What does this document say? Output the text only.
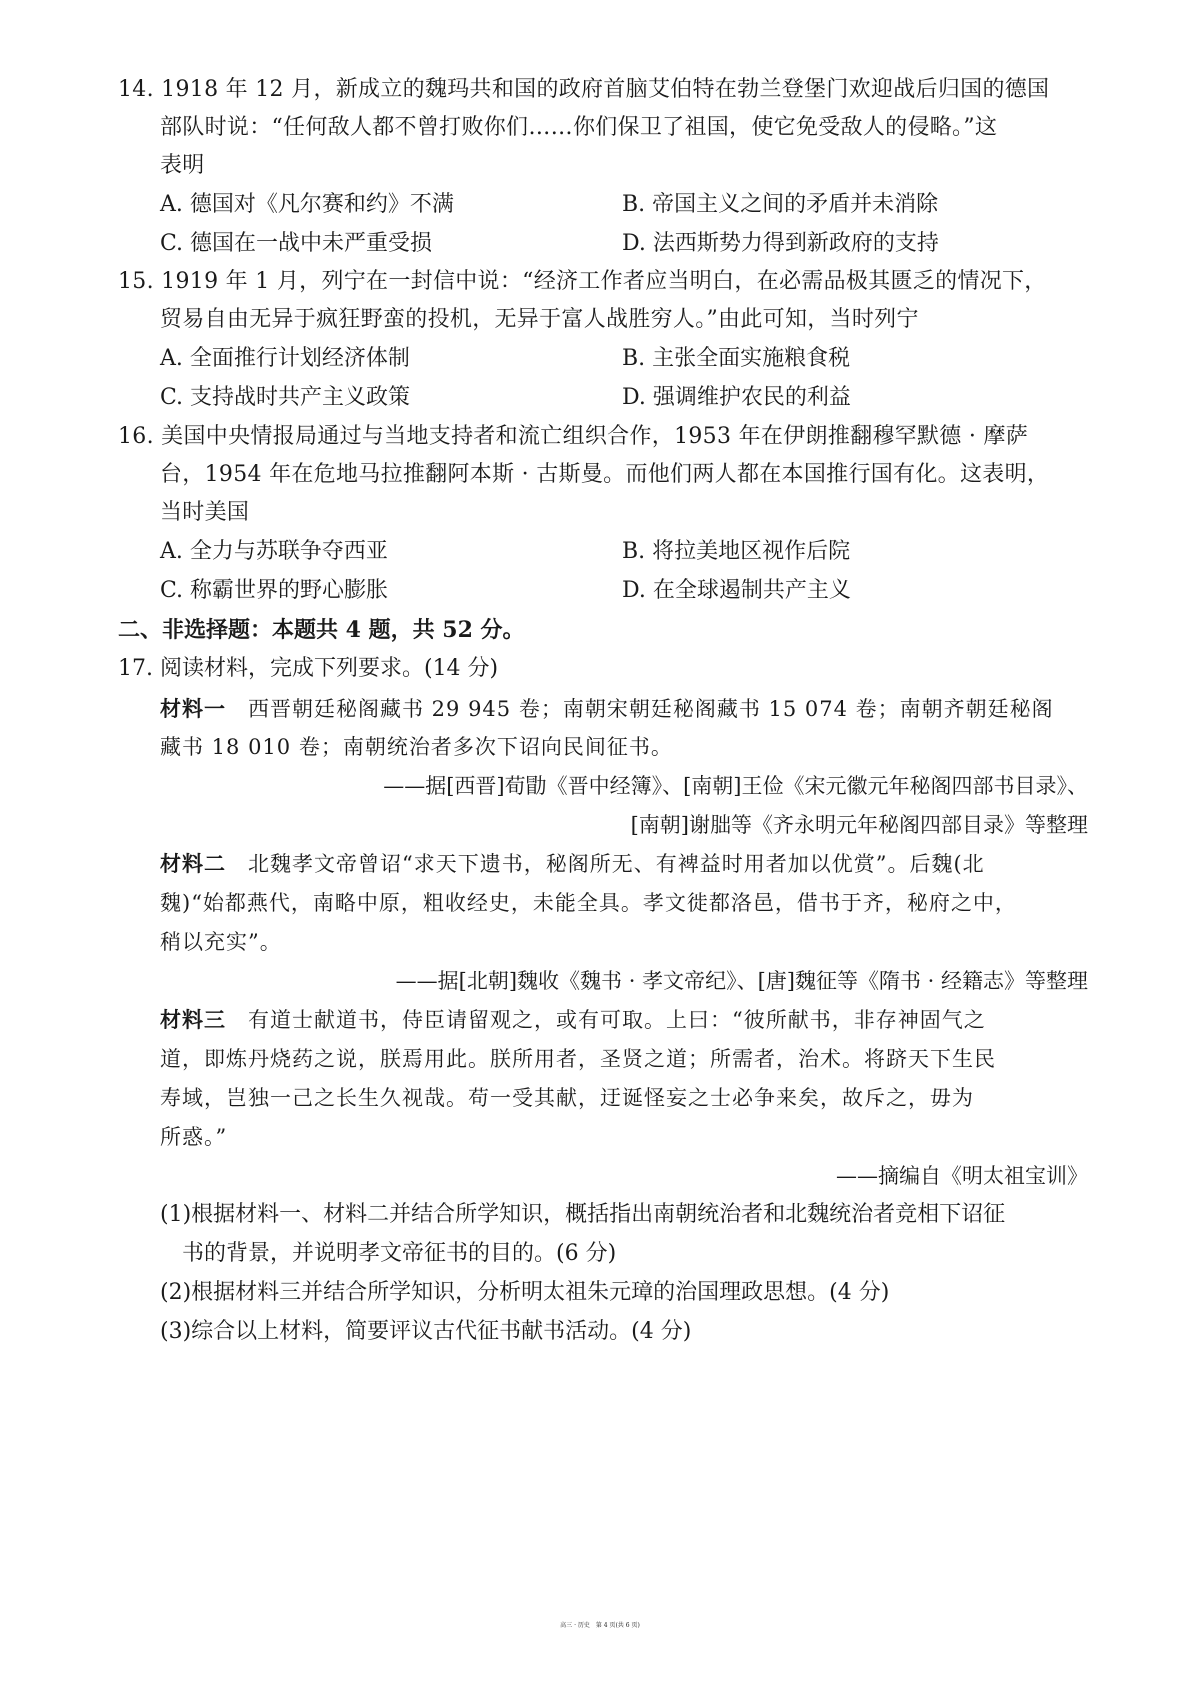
14. 1918 年 12 月，新成立的魏玛共和国的政府首脑艾伯特在勃兰登堡门欢迎战后归国的德国
部队时说：“任何敌人都不曾打败你们……你们保卫了祖国，使它免受敌人的侵略。”这
表明
A. 德国对《凡尔赛和约》不满	B. 帝国主义之间的矛盾并未消除
C. 德国在一战中未严重受损	D. 法西斯势力得到新政府的支持
15. 1919 年 1 月，列宁在一封信中说：“经济工作者应当明白，在必需品极其匮乏的情况下，
贸易自由无异于疯狂野蛮的投机，无异于富人战胜穷人。”由此可知，当时列宁
A. 全面推行计划经济体制	B. 主张全面实施粮食税
C. 支持战时共产主义政策	D. 强调维护农民的利益
16. 美国中央情报局通过与当地支持者和流亡组织合作，1953 年在伊朗推翻穆罕默德 · 摩萨
台，1954 年在危地马拉推翻阿本斯 · 古斯曼。而他们两人都在本国推行国有化。这表明，
当时美国
A. 全力与苏联争夺西亚	B. 将拉美地区视作后院
C. 称霸世界的野心膨胀	D. 在全球遏制共产主义
二、非选择题：本题共 4 题，共 52 分。
17. 阅读材料，完成下列要求。(14 分)
材料一　 西晋朝廷秘阁藏书 29 945 卷；南朝宋朝廷秘阁藏书 15 074 卷；南朝齐朝廷秘阁
藏书 18 010 卷；南朝统治者多次下诏向民间征书。
——据[西晋]荀勖《晋中经簿》、[南朝]王俭《宋元徽元年秘阁四部书目录》、
[南朝]谢朏等《齐永明元年秘阁四部目录》等整理
材料二　 北魏孝文帝曾诏“求天下遗书，秘阁所无、有裨益时用者加以优赏”。后魏(北
魏)“始都燕代，南略中原，粗收经史，未能全具。孝文徙都洛邑，借书于齐，秘府之中，
稍以充实”。
——据[北朝]魏收《魏书 · 孝文帝纪》、[唐]魏征等《隋书 · 经籍志》等整理
材料三　 有道士献道书，侍臣请留观之，或有可取。上曰：“彼所献书，非存神固气之
道，即炼丹烧药之说，朕焉用此。朕所用者，圣贤之道；所需者，治术。将跻天下生民
寿域，岂独一己之长生久视哉。苟一受其献，迂诞怪妄之士必争来矣，故斥之，毋为
所惑。”
——摘编自《明太祖宝训》
(1)根据材料一、材料二并结合所学知识，概括指出南朝统治者和北魏统治者竞相下诏征
书的背景，并说明孝文帝征书的目的。(6 分)
(2)根据材料三并结合所学知识，分析明太祖朱元璋的治国理政思想。(4 分)
(3)综合以上材料，简要评议古代征书献书活动。(4 分)
高三 · 历史　第 4 页(共 6 页)
